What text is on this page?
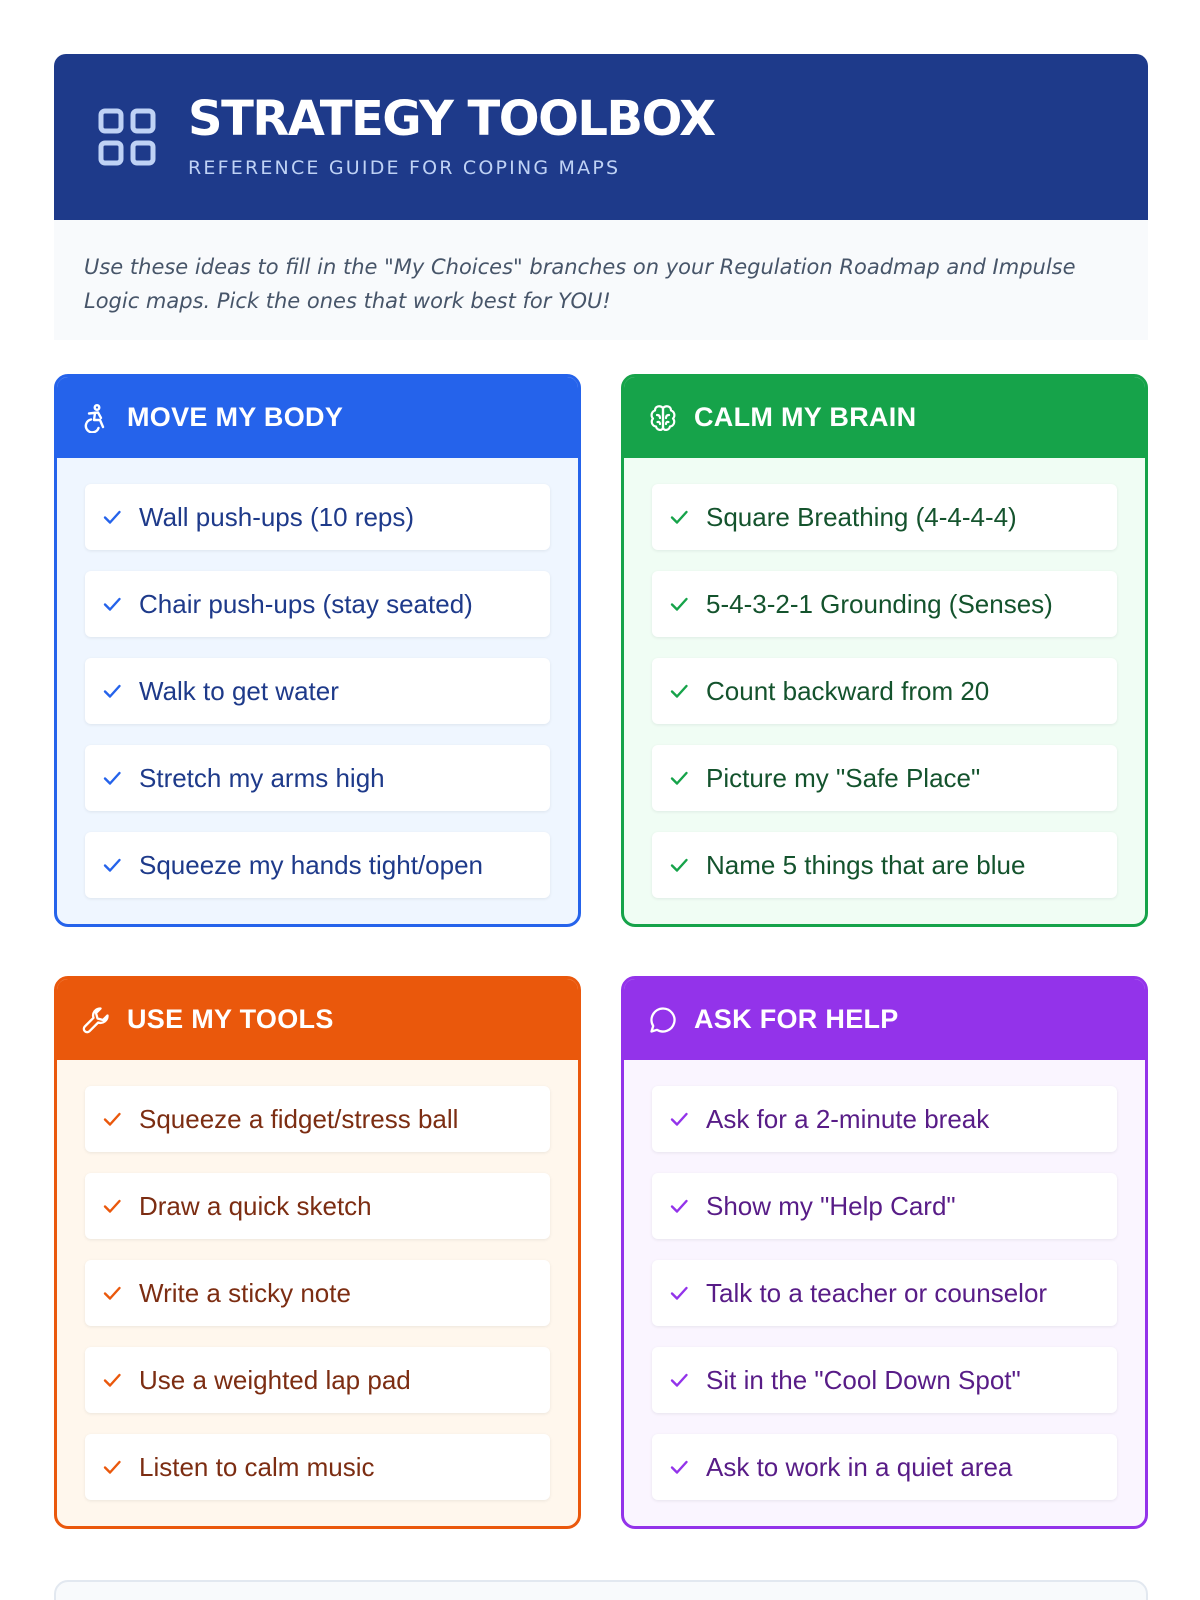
STRATEGY TOOLBOX
REFERENCE GUIDE FOR COPING MAPS

Use these ideas to fill in the "My Choices" branches on your Regulation Roadmap and Impulse Logic maps. Pick the ones that work best for YOU!

MOVE MY BODY
Wall push-ups (10 reps)
Chair push-ups (stay seated)
Walk to get water
Stretch my arms high
Squeeze my hands tight/open
CALM MY BRAIN
Square Breathing (4-4-4-4)
5-4-3-2-1 Grounding (Senses)
Count backward from 20
Picture my "Safe Place"
Name 5 things that are blue
USE MY TOOLS
Squeeze a fidget/stress ball
Draw a quick sketch
Write a sticky note
Use a weighted lap pad
Listen to calm music
ASK FOR HELP
Ask for a 2-minute break
Show my "Help Card"
Talk to a teacher or counselor
Sit in the "Cool Down Spot"
Ask to work in a quiet area
